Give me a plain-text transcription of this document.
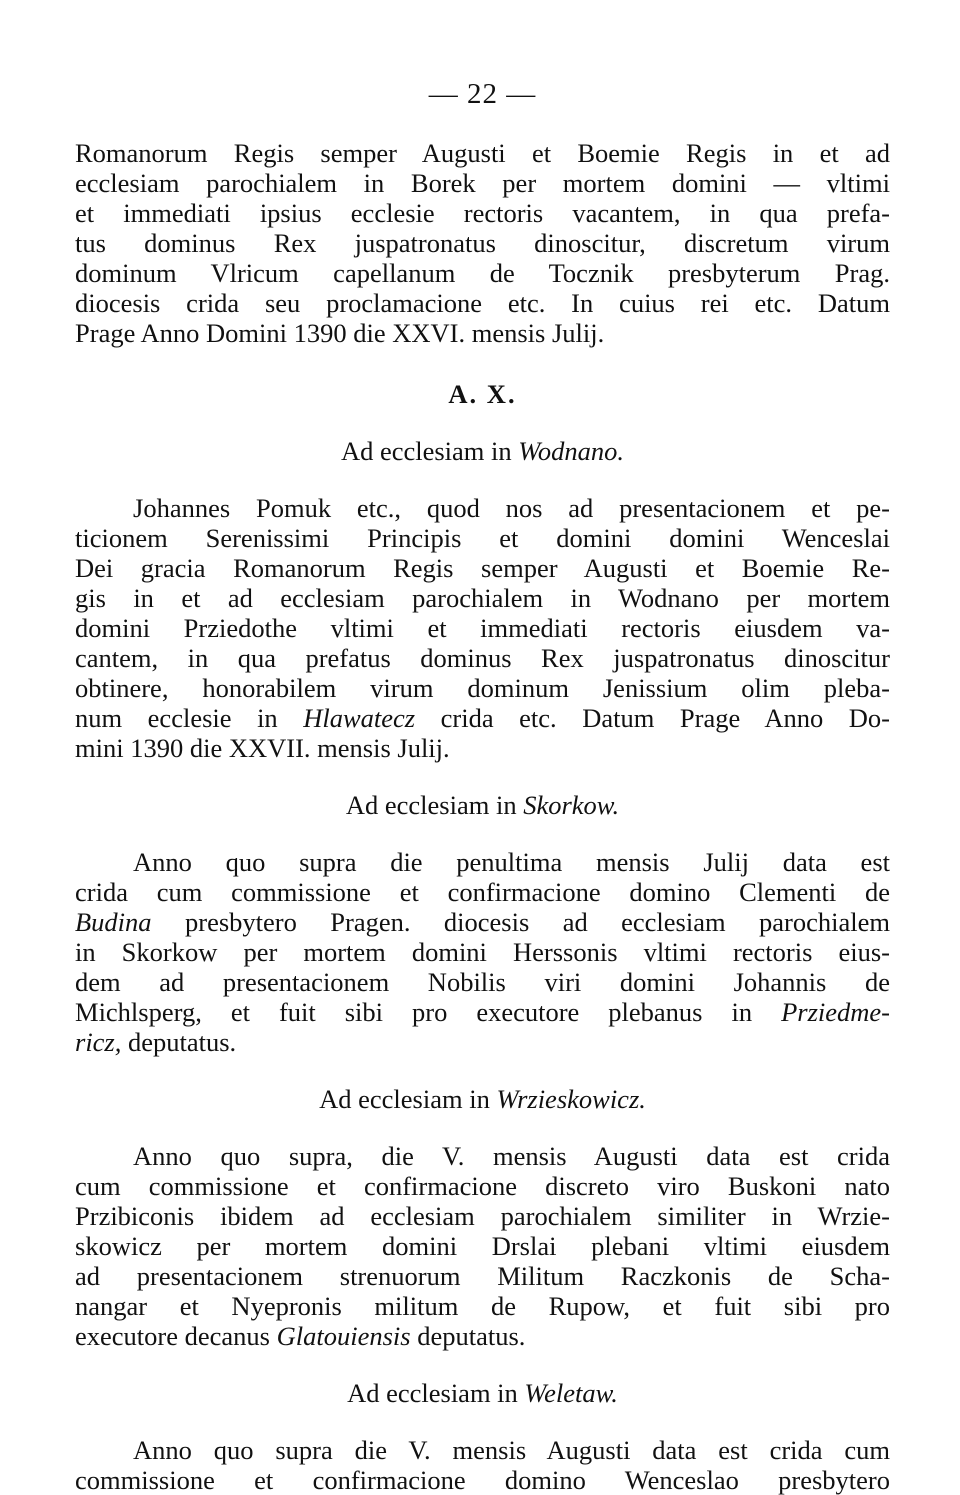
— 22 —
Romanorum Regis semper Augusti et Boemie Regis in et ad
ecclesiam parochialem in Borek per mortem domini — vltimi
et immediati ipsius ecclesie rectoris vacantem, in qua prefa-
tus dominus Rex juspatronatus dinoscitur, discretum virum
dominum Vlricum capellanum de Tocznik presbyterum Prag.
diocesis crida seu proclamacione etc. In cuius rei etc. Datum
Prage Anno Domini 1390 die XXVI. mensis Julij.
A. X.
Ad ecclesiam in Wodnano.
Johannes Pomuk etc., quod nos ad presentacionem et pe-
ticionem Serenissimi Principis et domini domini Wenceslai
Dei gracia Romanorum Regis semper Augusti et Boemie Re-
gis in et ad ecclesiam parochialem in Wodnano per mortem
domini Prziedothe vltimi et immediati rectoris eiusdem va-
cantem, in qua prefatus dominus Rex juspatronatus dinoscitur
obtinere, honorabilem virum dominum Jenissium olim pleba-
num ecclesie in Hlawatecz crida etc. Datum Prage Anno Do-
mini 1390 die XXVII. mensis Julij.
Ad ecclesiam in Skorkow.
Anno quo supra die penultima mensis Julij data est
crida cum commissione et confirmacione domino Clementi de
Budina presbytero Pragen. diocesis ad ecclesiam parochialem
in Skorkow per mortem domini Herssonis vltimi rectoris eius-
dem ad presentacionem Nobilis viri domini Johannis de
Michlsperg, et fuit sibi pro executore plebanus in Prziedme-
ricz, deputatus.
Ad ecclesiam in Wrzieskowicz.
Anno quo supra, die V. mensis Augusti data est crida
cum commissione et confirmacione discreto viro Buskoni nato
Przibiconis ibidem ad ecclesiam parochialem similiter in Wrzie-
skowicz per mortem domini Drslai plebani vltimi eiusdem
ad presentacionem strenuorum Militum Raczkonis de Scha-
nangar et Nyepronis militum de Rupow, et fuit sibi pro
executore decanus Glatouiensis deputatus.
Ad ecclesiam in Weletaw.
Anno quo supra die V. mensis Augusti data est crida cum
commissione et confirmacione domino Wenceslao presbytero
